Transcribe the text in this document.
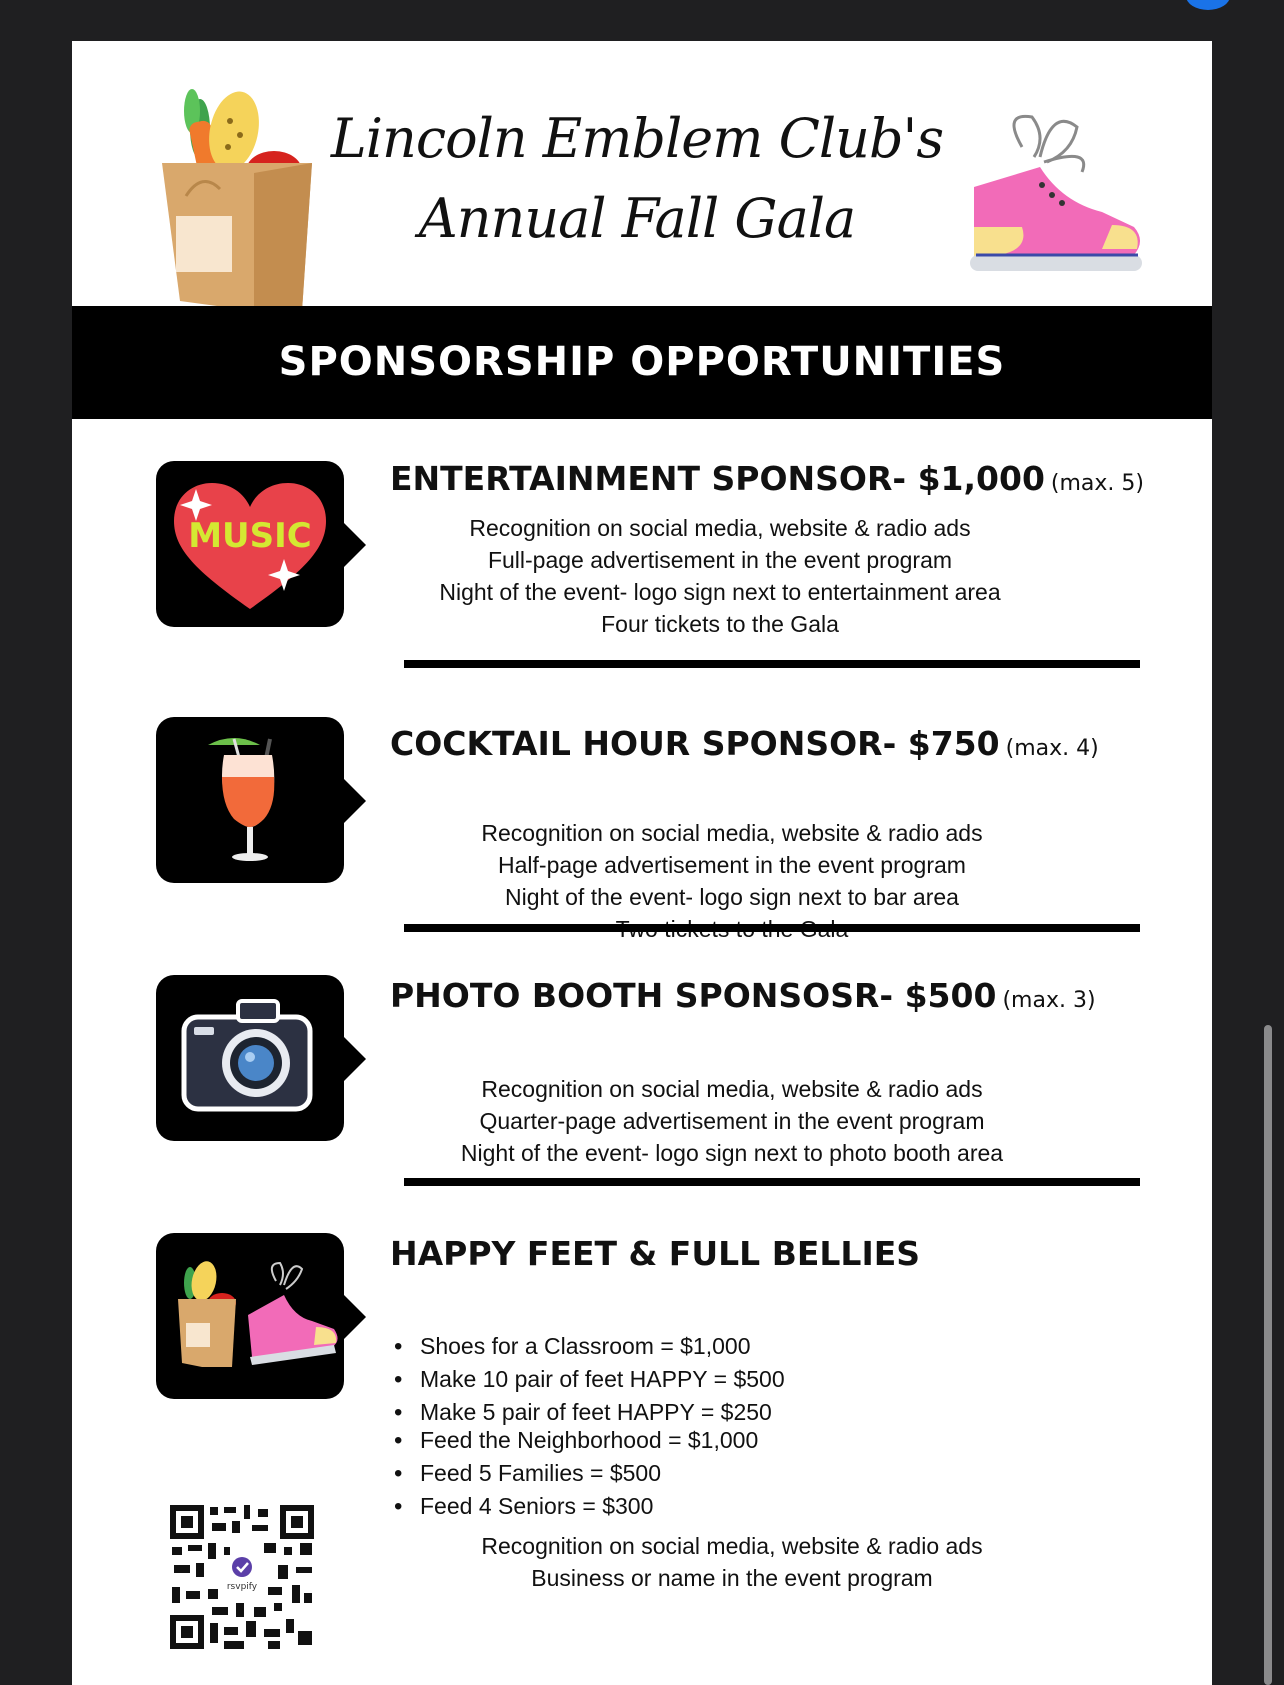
Lincoln Emblem Club's
Annual Fall Gala
SPONSORSHIP OPPORTUNITIES
MUSIC
ENTERTAINMENT SPONSOR- $1,000 (max. 5)
Recognition on social media, website & radio ads
Full-page advertisement in the event program
Night of the event- logo sign next to entertainment area
Four tickets to the Gala
COCKTAIL HOUR SPONSOR- $750 (max. 4)
Recognition on social media, website & radio ads
Half-page advertisement in the event program
Night of the event- logo sign next to bar area
PHOTO BOOTH SPONSOSR- $500 (max. 3)
Recognition on social media, website & radio ads
Quarter-page advertisement in the event program
Night of the event- logo sign next to photo booth area
HAPPY FEET & FULL BELLIES
• Shoes for a Classroom = $1,000
• Make 10 pair of feet HAPPY = $500
• Make 5 pair of feet HAPPY = $250
• Feed the Neighborhood = $1,000
• Feed 5 Families = $500
• Feed 4 Seniors = $300
Recognition on social media, website & radio ads
Business or name in the event program
rsvpify
